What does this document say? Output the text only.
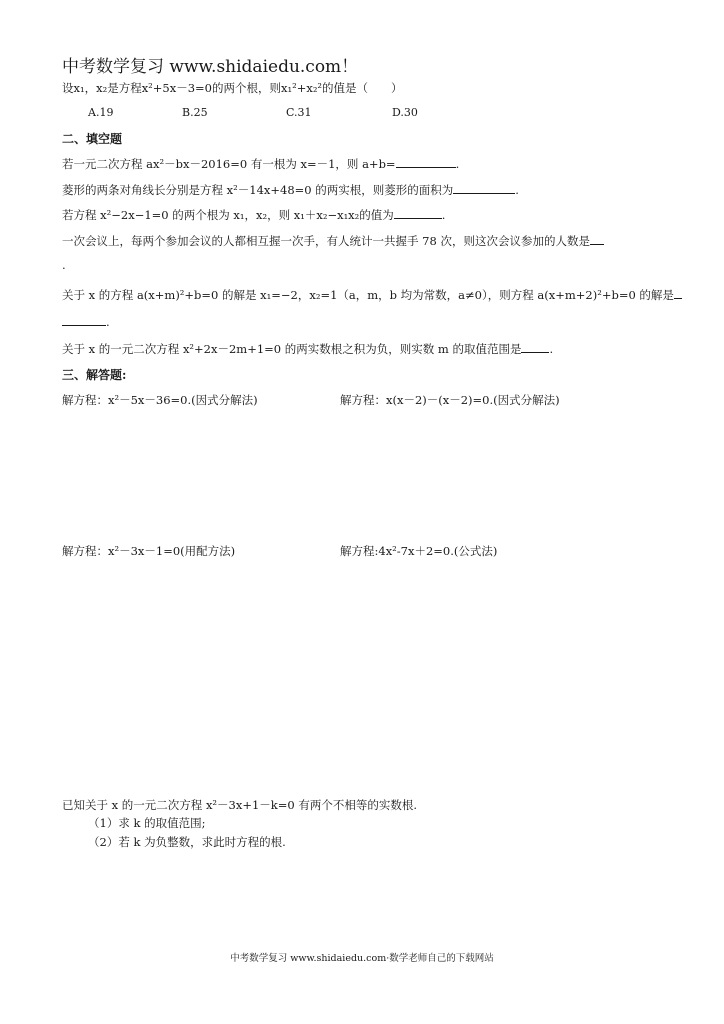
中考数学复习 www.shidaiedu.com！
设x₁，x₂是方程x²+5x－3=0的两个根，则x₁²+x₂²的值是（　　）
A.19	B.25	C.31	D.30
二、填空题
若一元二次方程 ax²－bx－2016=0 有一根为 x=－1，则 a+b=	.
菱形的两条对角线长分别是方程 x²－14x+48=0 的两实根，则菱形的面积为	.
若方程 x²−2x−1=0 的两个根为 x₁，x₂，则 x₁＋x₂−x₁x₂的值为	.
一次会议上，每两个参加会议的人都相互握一次手，有人统计一共握手 78 次，则这次会议参加的人数是
.
关于 x 的方程 a(x+m)²+b=0 的解是 x₁=−2，x₂=1（a，m，b 均为常数，a≠0），则方程 a(x+m+2)²+b=0 的解是
.
关于 x 的一元二次方程 x²+2x－2m+1=0 的两实数根之积为负，则实数 m 的取值范围是 .
三、解答题:
解方程：x²－5x－36=0.(因式分解法)	解方程：x(x－2)－(x－2)=0.(因式分解法)
解方程：x²－3x－1=0(用配方法)	解方程:4x²-7x＋2=0.(公式法)
已知关于 x 的一元二次方程 x²－3x+1－k=0 有两个不相等的实数根.
（1）求 k 的取值范围;
（2）若 k 为负整数，求此时方程的根.
中考数学复习 www.shidaiedu.com·数学老师自己的下载网站
